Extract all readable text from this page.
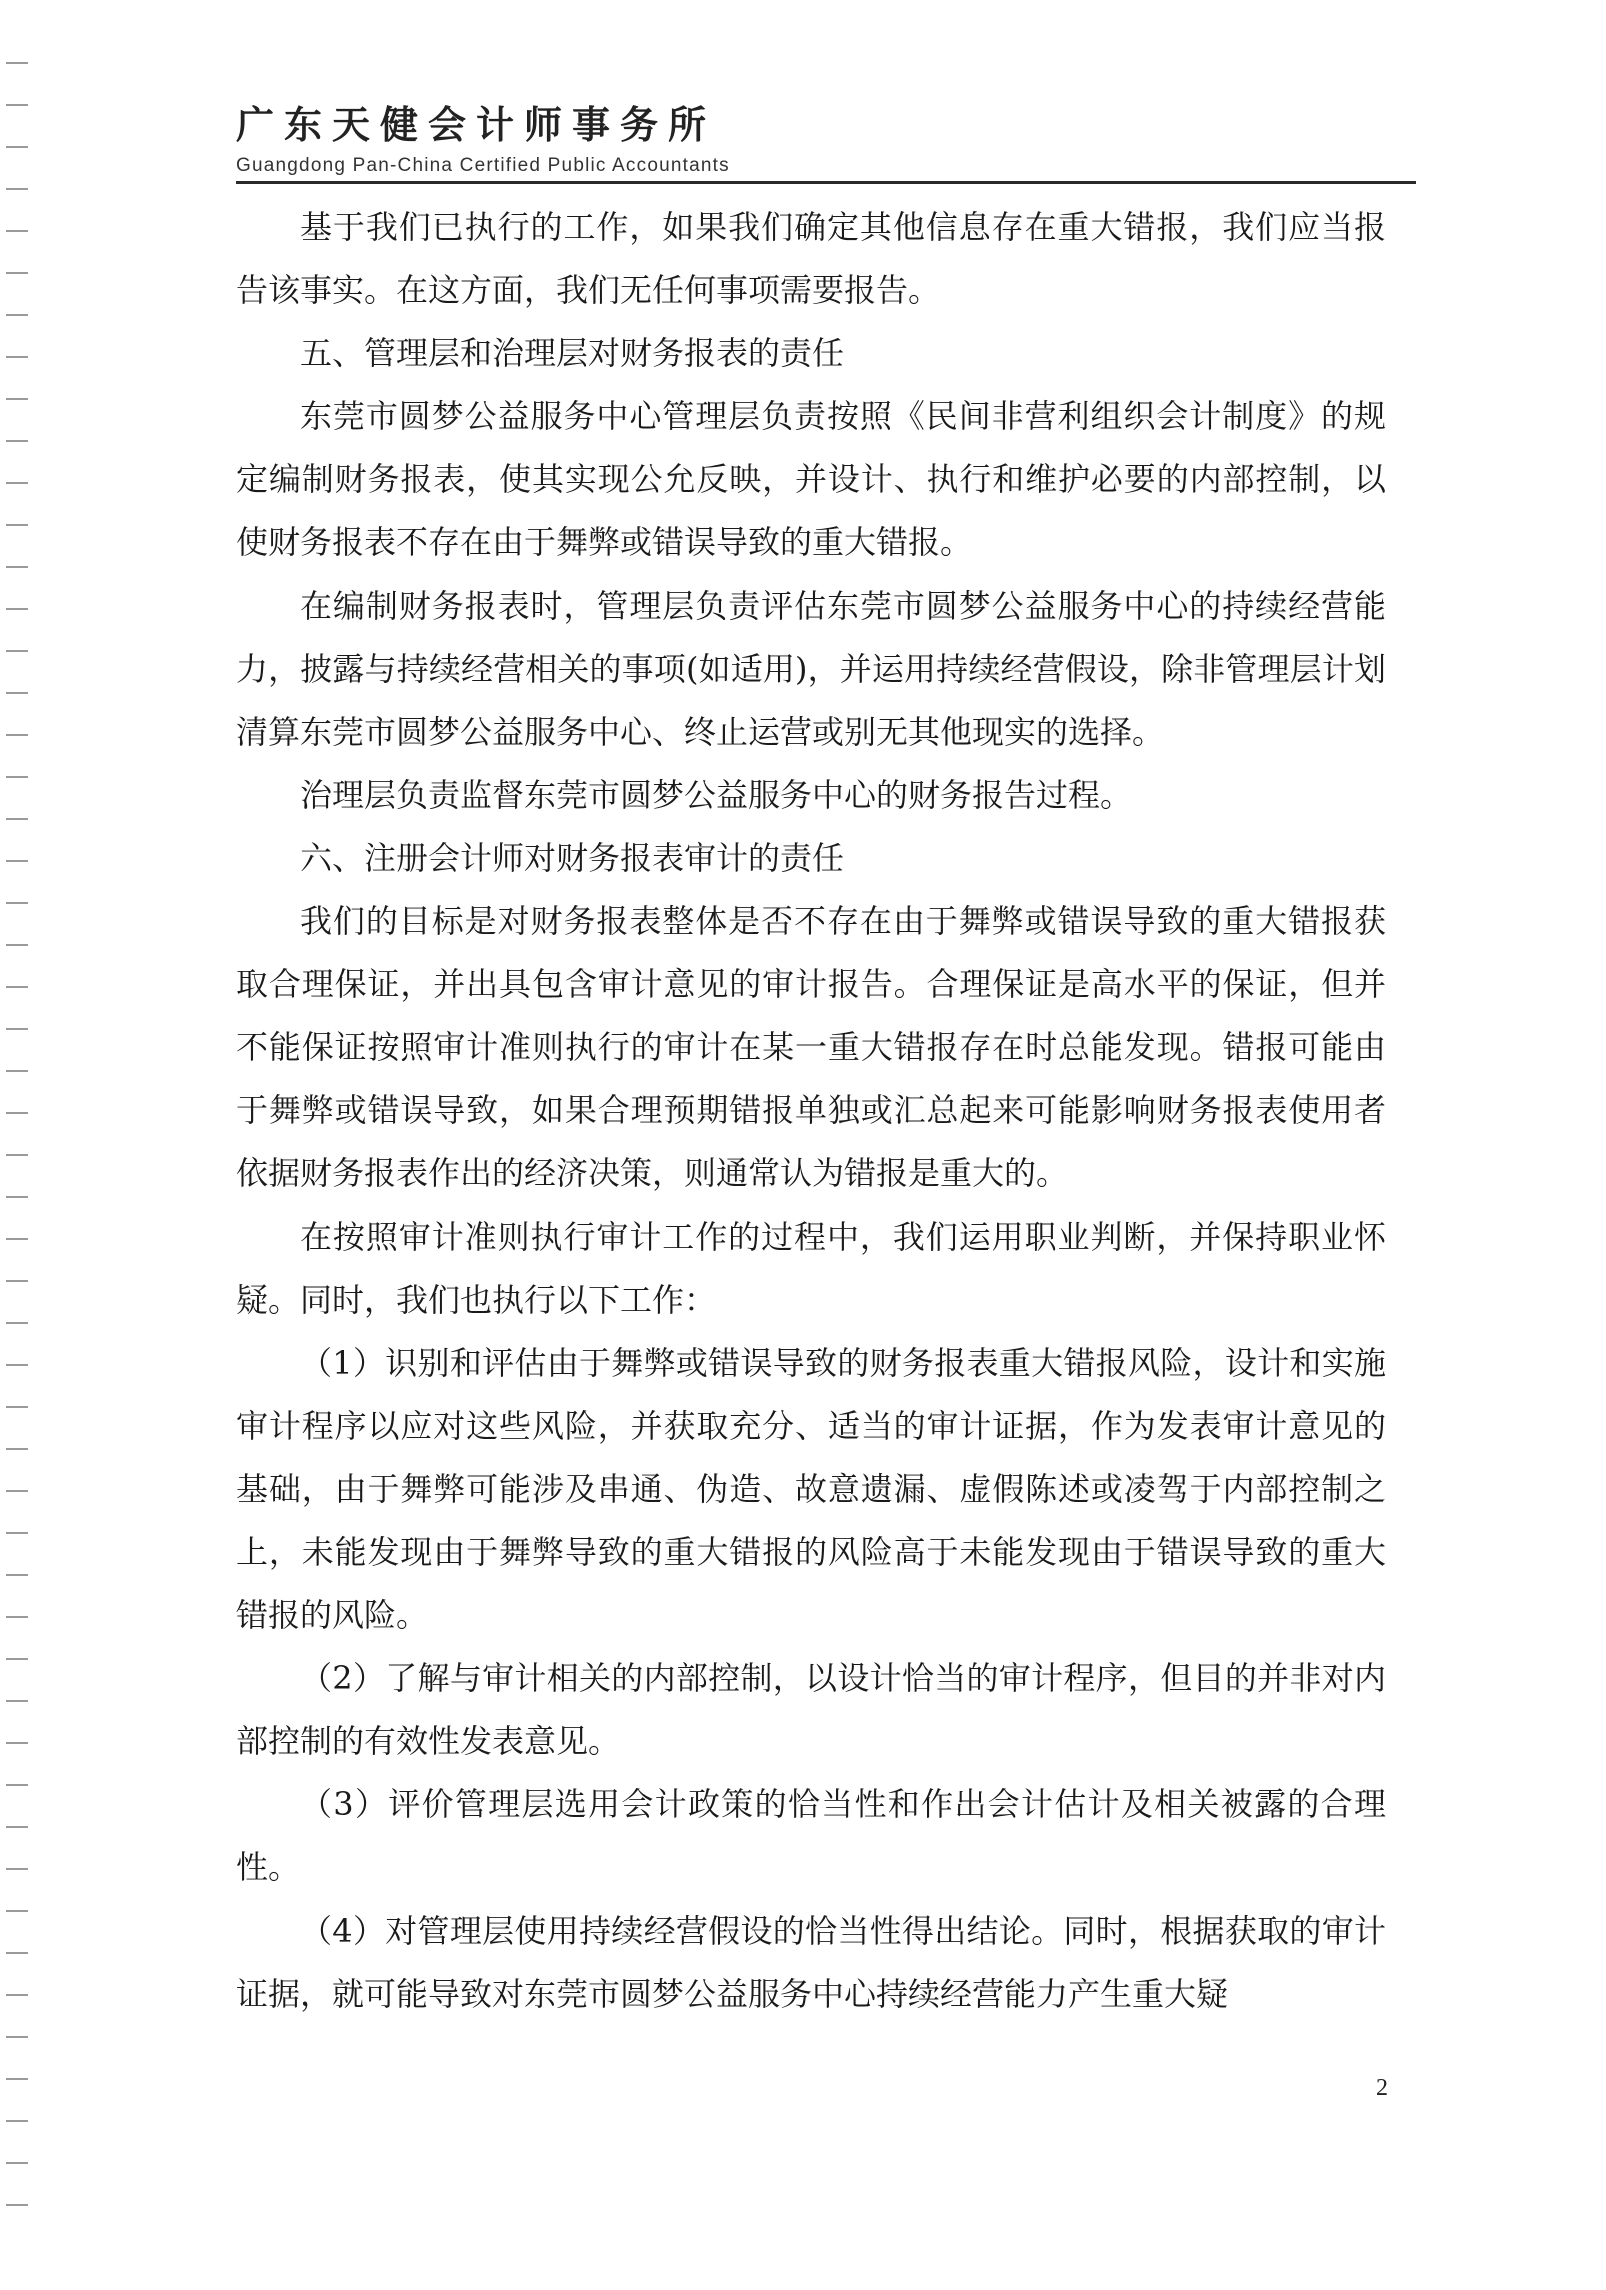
广东天健会计师事务所
Guangdong Pan-China Certified Public Accountants

基于我们已执行的工作，如果我们确定其他信息存在重大错报，我们应当报告该事实。在这方面，我们无任何事项需要报告。

五、管理层和治理层对财务报表的责任

东莞市圆梦公益服务中心管理层负责按照《民间非营利组织会计制度》的规定编制财务报表，使其实现公允反映，并设计、执行和维护必要的内部控制，以使财务报表不存在由于舞弊或错误导致的重大错报。

在编制财务报表时，管理层负责评估东莞市圆梦公益服务中心的持续经营能力，披露与持续经营相关的事项(如适用)，并运用持续经营假设，除非管理层计划清算东莞市圆梦公益服务中心、终止运营或别无其他现实的选择。

治理层负责监督东莞市圆梦公益服务中心的财务报告过程。

六、注册会计师对财务报表审计的责任

我们的目标是对财务报表整体是否不存在由于舞弊或错误导致的重大错报获取合理保证，并出具包含审计意见的审计报告。合理保证是高水平的保证，但并不能保证按照审计准则执行的审计在某一重大错报存在时总能发现。错报可能由于舞弊或错误导致，如果合理预期错报单独或汇总起来可能影响财务报表使用者依据财务报表作出的经济决策，则通常认为错报是重大的。

在按照审计准则执行审计工作的过程中，我们运用职业判断，并保持职业怀疑。同时，我们也执行以下工作：

（1）识别和评估由于舞弊或错误导致的财务报表重大错报风险，设计和实施审计程序以应对这些风险，并获取充分、适当的审计证据，作为发表审计意见的基础，由于舞弊可能涉及串通、伪造、故意遗漏、虚假陈述或凌驾于内部控制之上，未能发现由于舞弊导致的重大错报的风险高于未能发现由于错误导致的重大错报的风险。

（2）了解与审计相关的内部控制，以设计恰当的审计程序，但目的并非对内部控制的有效性发表意见。

（3）评价管理层选用会计政策的恰当性和作出会计估计及相关被露的合理性。

（4）对管理层使用持续经营假设的恰当性得出结论。同时，根据获取的审计证据，就可能导致对东莞市圆梦公益服务中心持续经营能力产生重大疑

2
